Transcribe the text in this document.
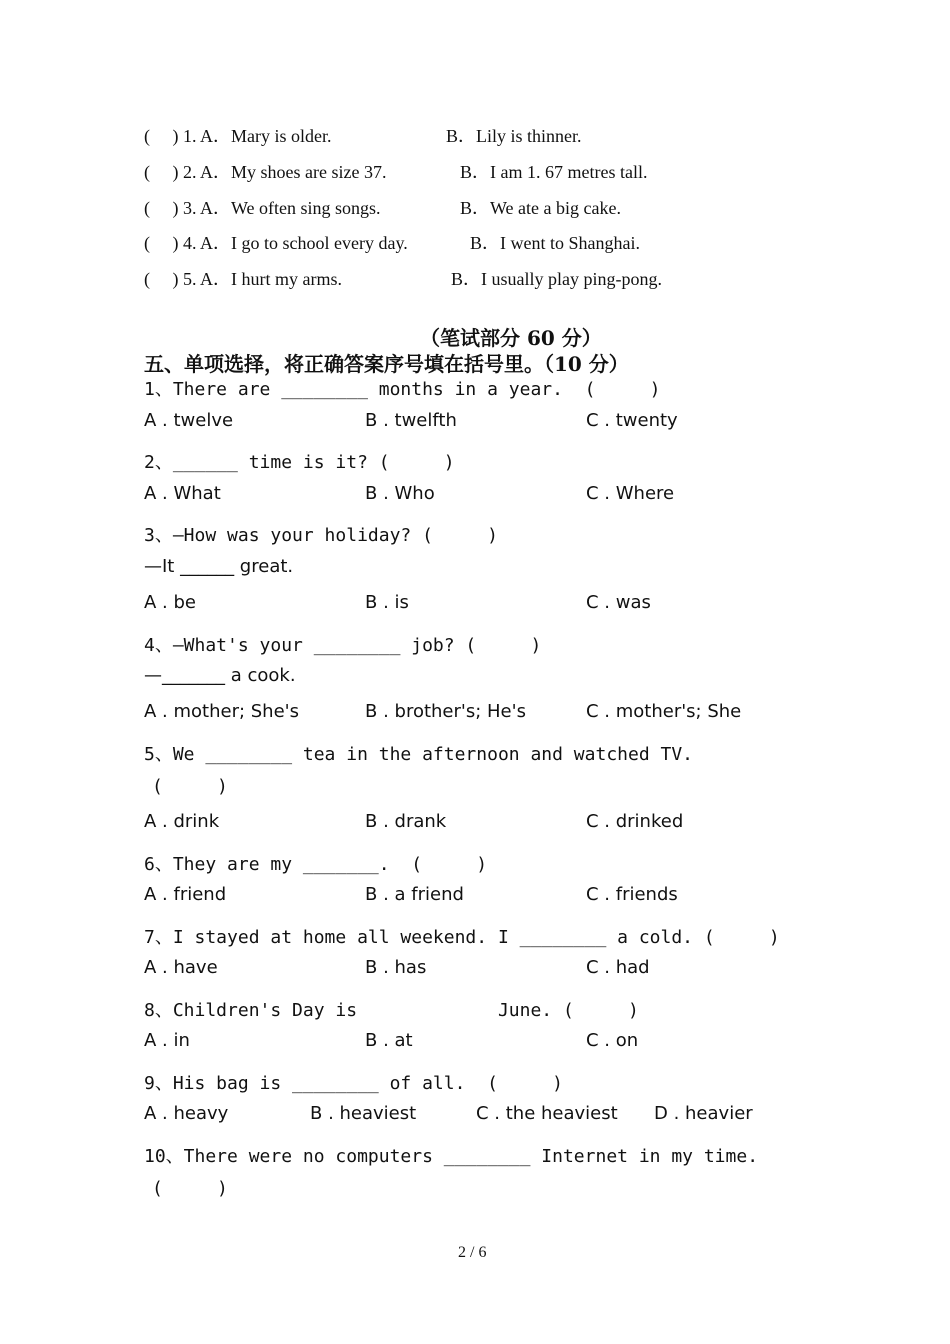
(     ) 1. A．Mary is older.	B．Lily is thinner.
(     ) 2. A．My shoes are size 37.	B．I am 1. 67 metres tall.
(     ) 3. A．We often sing songs.	B．We ate a big cake.
(     ) 4. A．I go to school every day.	B．I went to Shanghai.
(     ) 5. A．I hurt my arms.	B．I usually play ping-pong.
（笔试部分 60 分）
五、单项选择，将正确答案序号填在括号里。（10 分）
1、There are ________ months in a year.  (     )
A . twelve	B . twelfth	C . twenty
2、______ time is it? (     )
A . What	B . Who	C . Where
3、—How was your holiday? (     )
—It ______ great.
A . be	B . is	C . was
4、—What's your ________ job? (     )
—_______ a cook.
A . mother; She's	B . brother's; He's	C . mother's; She
5、We ________ tea in the afternoon and watched TV.
(     )
A . drink	B . drank	C . drinked
6、They are my _______.  (     )
A . friend	B . a friend	C . friends
7、I stayed at home all weekend. I ________ a cold. (     )
A . have	B . has	C . had
8、Children's Day is             June. (     )
A . in	B . at	C . on
9、His bag is ________ of all.  (     )
A . heavy	B . heaviest	C . the heaviest D . heavier
10、There were no computers ________ Internet in my time.
(     )
2 / 6
